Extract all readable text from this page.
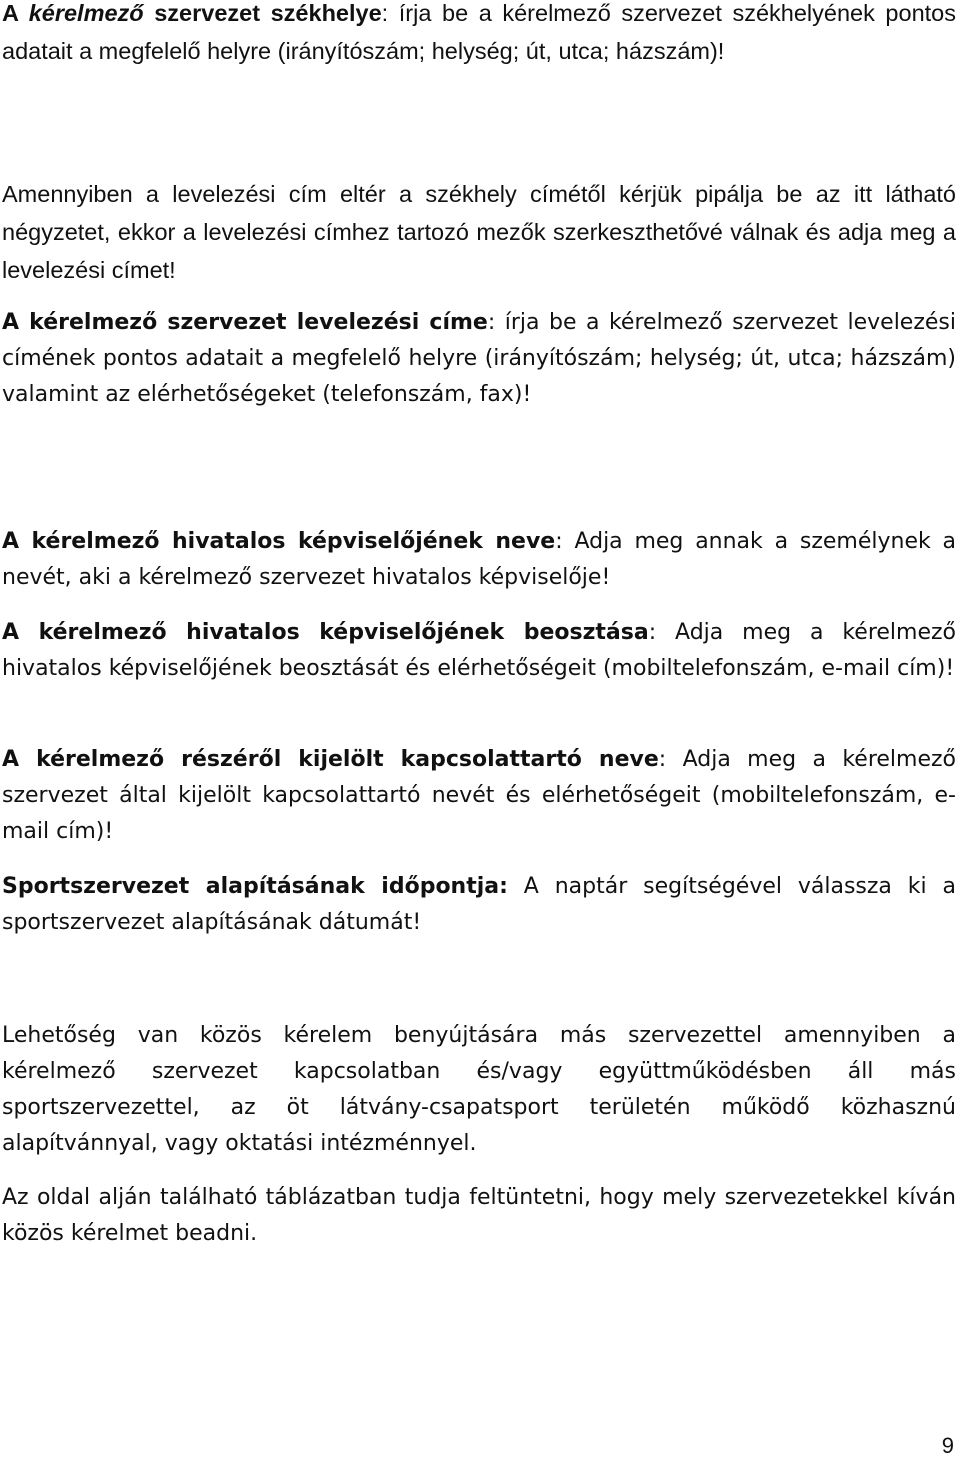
A kérelmező szervezet székhelye: írja be a kérelmező szervezet székhelyének pontos adatait a megfelelő helyre (irányítószám; helység; út, utca; házszám)!

Amennyiben a levelezési cím eltér a székhely címétől kérjük pipálja be az itt látható négyzetet, ekkor a levelezési címhez tartozó mezők szerkeszthetővé válnak és adja meg a levelezési címet!

A kérelmező szervezet levelezési címe: írja be a kérelmező szervezet levelezési címének pontos adatait a megfelelő helyre (irányítószám; helység; út, utca; házszám) valamint az elérhetőségeket (telefonszám, fax)!

A kérelmező hivatalos képviselőjének neve: Adja meg annak a személynek a nevét, aki a kérelmező szervezet hivatalos képviselője!

A kérelmező hivatalos képviselőjének beosztása: Adja meg a kérelmező hivatalos képviselőjének beosztását és elérhetőségeit (mobiltelefonszám, e-mail cím)!

A kérelmező részéről kijelölt kapcsolattartó neve: Adja meg a kérelmező szervezet által kijelölt kapcsolattartó nevét és elérhetőségeit (mobiltelefonszám, e-mail cím)!

Sportszervezet alapításának időpontja: A naptár segítségével válassza ki a sportszervezet alapításának dátumát!

Lehetőség van közös kérelem benyújtására más szervezettel amennyiben a kérelmező szervezet kapcsolatban és/vagy együttműködésben áll más sportszervezettel, az öt látvány-csapatsport területén működő közhasznú alapítvánnyal, vagy oktatási intézménnyel.

Az oldal alján található táblázatban tudja feltüntetni, hogy mely szervezetekkel kíván közös kérelmet beadni.

9
